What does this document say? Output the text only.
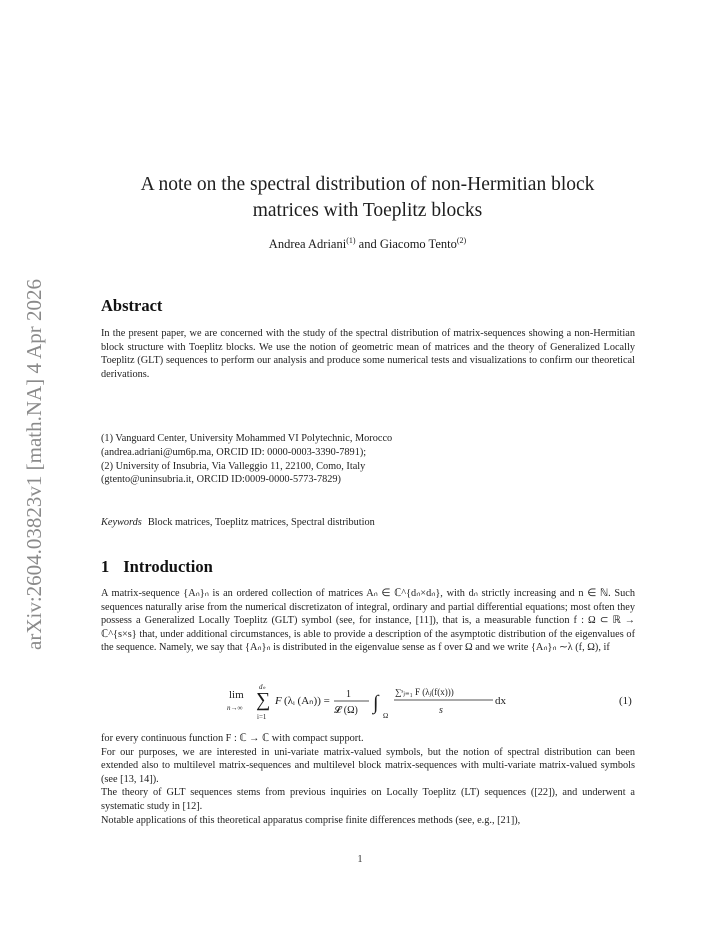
arXiv:2604.03823v1 [math.NA] 4 Apr 2026
A note on the spectral distribution of non-Hermitian block
matrices with Toeplitz blocks
Andrea Adriani$^{(1)}$ and Giacomo Tento$^{(2)}$
Abstract
In the present paper, we are concerned with the study of the spectral distribution of matrix-sequences showing a non-Hermitian block structure with Toeplitz blocks. We use the notion of geometric mean of matrices and the theory of Generalized Locally Toeplitz (GLT) sequences to perform our analysis and produce some numerical tests and visualizations to confirm our theoretical derivations.
(1) Vanguard Center, University Mohammed VI Polytechnic, Morocco
(andrea.adriani@um6p.ma, ORCID ID: 0000-0003-3390-7891);
(2) University of Insubria, Via Valleggio 11, 22100, Como, Italy
(gtento@uninsubria.it, ORCID ID:0009-0000-5773-7829)
Keywords Block matrices, Toeplitz matrices, Spectral distribution
1 Introduction
A matrix-sequence {Aₙ}ₙ is an ordered collection of matrices Aₙ ∈ ℂ^{dₙ×dₙ}, with dₙ strictly increasing and n ∈ ℕ. Such sequences naturally arise from the numerical discretizaton of integral, ordinary and partial differential equations; most often they possess a Generalized Locally Toeplitz (GLT) symbol (see, for instance, [11]), that is, a measurable function f : Ω ⊂ ℝ → ℂ^{s×s} that, under additional circumstances, is able to provide a description of the asymptotic distribution of the eigenvalues of the sequence. Namely, we say that {Aₙ}ₙ is distributed in the eigenvalue sense as f over Ω and we write {Aₙ}ₙ ∼λ (f, Ω), if
lim
n→∞ ∑
dₙ
i=1
F (λᵢ (Aₙ)) =
1
𝓛 (Ω) ∫
Ω
∑ˢⱼ₌₁ F (λⱼ(f(x)))
s
dx	(1)

for every continuous function F : ℂ → ℂ with compact support.

For our purposes, we are interested in uni-variate matrix-valued symbols, but the notion of spectral distribution can been extended also to multilevel matrix-sequences and multilevel block matrix-sequences with multi-variate matrix-valued symbols (see [13, 14]).

The theory of GLT sequences stems from previous inquiries on Locally Toeplitz (LT) sequences ([22]), and underwent a systematic study in [12].

Notable applications of this theoretical apparatus comprise finite differences methods (see, e.g., [21]),

1
